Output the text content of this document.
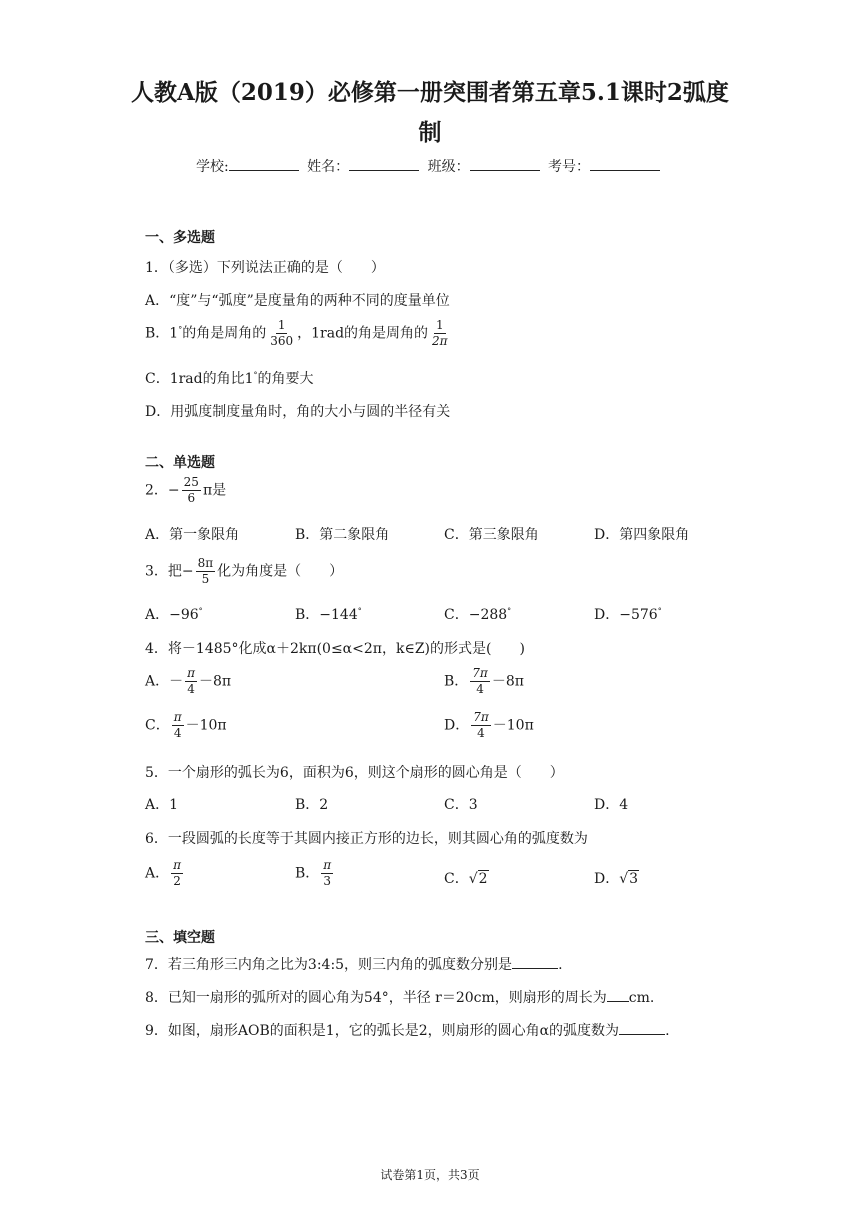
人教A版（2019）必修第一册突围者第五章5.1课时2弧度
制
学校:	姓名：	班级：	考号：
一、多选题
1．（多选）下列说法正确的是（　　）
A．“度”与“弧度”是度量角的两种不同的度量单位
B．1°的角是周角的 $\frac{1}{360}$ ，1rad的角是周角的 $\frac{1}{2\pi}$
C．1rad的角比1°的角要大
D．用弧度制度量角时，角的大小与圆的半径有关
二、单选题
2．− $\frac{25}{6}$ π是
A．第一象限角	B．第二象限角	C．第三象限角	D．第四象限角
3．把− $\frac{8\pi}{5}$ 化为角度是（　　）
A．−96°	B．−144°	C．−288°	D．−576°
4．将－1485°化成α＋2kπ(0≤α<2π，k∈Z)的形式是(　　)
A．－ $\frac{\pi}{4} -8\pi$	B． $\frac{7\pi}{4} -8\pi$
C． $\frac{\pi}{4} -10\pi$	D． $\frac{7\pi}{4} -10\pi$
5．一个扇形的弧长为6，面积为6，则这个扇形的圆心角是（　　）
A．1	B．2	C．3	D．4
6．一段圆弧的长度等于其圆内接正方形的边长，则其圆心角的弧度数为
A． $\frac{\pi}{2}$	B． $\frac{\pi}{3}$	C．√2	D．√3
三、填空题
7．若三角形三内角之比为3:4:5，则三内角的弧度数分别是	.
8．已知一扇形的弧所对的圆心角为54°，半径 r＝20cm，则扇形的周长为 cm.
9．如图，扇形AOB的面积是1，它的弧长是2，则扇形的圆心角α的弧度数为	.
试卷第1页，共3页
